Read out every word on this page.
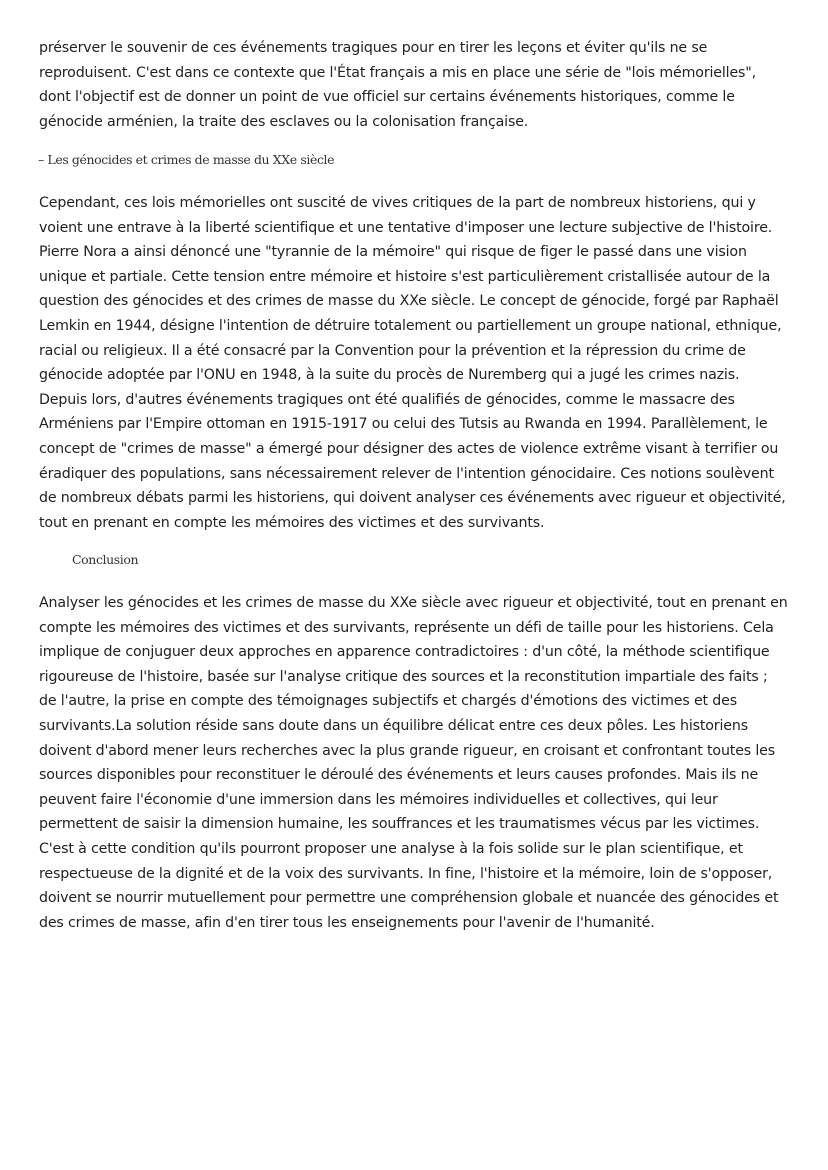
préserver le souvenir de ces événements tragiques pour en tirer les leçons et éviter qu'ils ne se
reproduisent. C'est dans ce contexte que l'État français a mis en place une série de "lois mémorielles",
dont l'objectif est de donner un point de vue officiel sur certains événements historiques, comme le
génocide arménien, la traite des esclaves ou la colonisation française.
– Les génocides et crimes de masse du XXe siècle
Cependant, ces lois mémorielles ont suscité de vives critiques de la part de nombreux historiens, qui y
voient une entrave à la liberté scientifique et une tentative d'imposer une lecture subjective de l'histoire.
Pierre Nora a ainsi dénoncé une "tyrannie de la mémoire" qui risque de figer le passé dans une vision
unique et partiale. Cette tension entre mémoire et histoire s'est particulièrement cristallisée autour de la
question des génocides et des crimes de masse du XXe siècle. Le concept de génocide, forgé par Raphaël
Lemkin en 1944, désigne l'intention de détruire totalement ou partiellement un groupe national, ethnique,
racial ou religieux. Il a été consacré par la Convention pour la prévention et la répression du crime de
génocide adoptée par l'ONU en 1948, à la suite du procès de Nuremberg qui a jugé les crimes nazis.
Depuis lors, d'autres événements tragiques ont été qualifiés de génocides, comme le massacre des
Arméniens par l'Empire ottoman en 1915-1917 ou celui des Tutsis au Rwanda en 1994. Parallèlement, le
concept de "crimes de masse" a émergé pour désigner des actes de violence extrême visant à terrifier ou
éradiquer des populations, sans nécessairement relever de l'intention génocidaire. Ces notions soulèvent
de nombreux débats parmi les historiens, qui doivent analyser ces événements avec rigueur et objectivité,
tout en prenant en compte les mémoires des victimes et des survivants.
Conclusion
Analyser les génocides et les crimes de masse du XXe siècle avec rigueur et objectivité, tout en prenant en
compte les mémoires des victimes et des survivants, représente un défi de taille pour les historiens. Cela
implique de conjuguer deux approches en apparence contradictoires : d'un côté, la méthode scientifique
rigoureuse de l'histoire, basée sur l'analyse critique des sources et la reconstitution impartiale des faits ;
de l'autre, la prise en compte des témoignages subjectifs et chargés d'émotions des victimes et des
survivants.La solution réside sans doute dans un équilibre délicat entre ces deux pôles. Les historiens
doivent d'abord mener leurs recherches avec la plus grande rigueur, en croisant et confrontant toutes les
sources disponibles pour reconstituer le déroulé des événements et leurs causes profondes. Mais ils ne
peuvent faire l'économie d'une immersion dans les mémoires individuelles et collectives, qui leur
permettent de saisir la dimension humaine, les souffrances et les traumatismes vécus par les victimes.
C'est à cette condition qu'ils pourront proposer une analyse à la fois solide sur le plan scientifique, et
respectueuse de la dignité et de la voix des survivants. In fine, l'histoire et la mémoire, loin de s'opposer,
doivent se nourrir mutuellement pour permettre une compréhension globale et nuancée des génocides et
des crimes de masse, afin d'en tirer tous les enseignements pour l'avenir de l'humanité.
